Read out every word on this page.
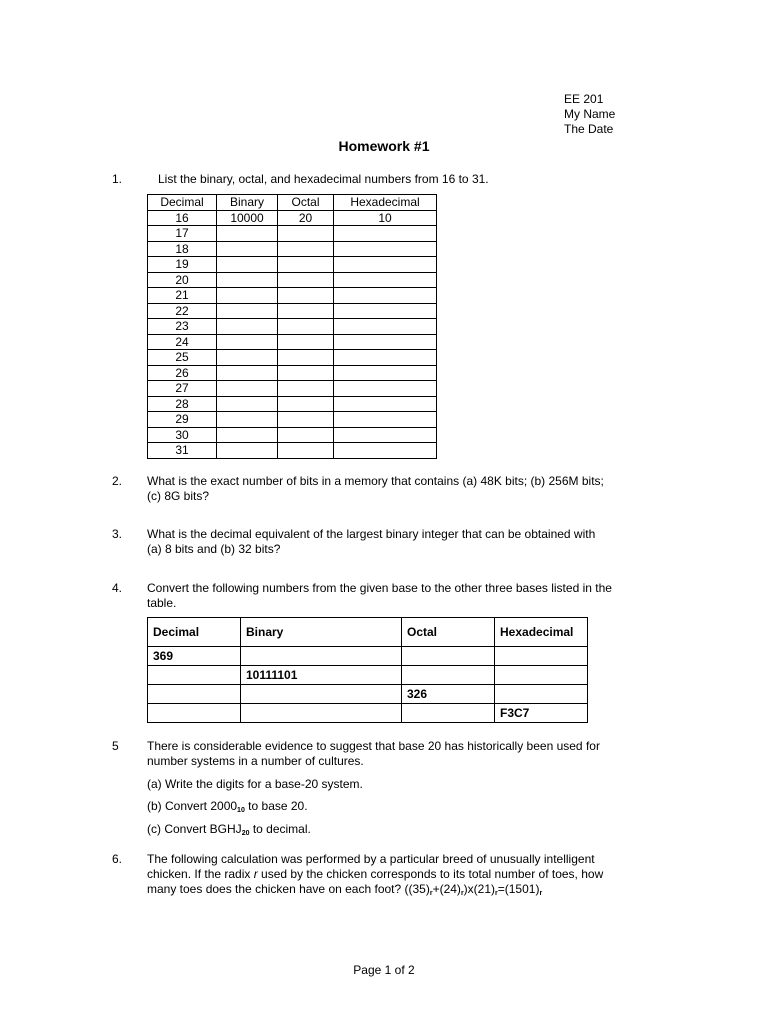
EE 201
My Name
The Date
Homework #1
1.	List the binary, octal, and hexadecimal numbers from 16 to 31.
Decimal	Binary	Octal	Hexadecimal
16	10000	20	10
17			
18			
19			
20			
21			
22			
23			
24			
25			
26			
27			
28			
29			
30			
31			
2. What is the exact number of bits in a memory that contains (a) 48K bits; (b) 256M bits;
(c) 8G bits?
3. What is the decimal equivalent of the largest binary integer that can be obtained with
(a) 8 bits and (b) 32 bits?
4. Convert the following numbers from the given base to the other three bases listed in the
table.
Decimal	Binary	Octal	Hexadecimal
369			
	10111101		
		326	
			F3C7
5 There is considerable evidence to suggest that base 20 has historically been used for
number systems in a number of cultures.
(a) Write the digits for a base-20 system.
(b) Convert $2000_{10}$ to base 20.
(c) Convert $BGHJ_{20}$ to decimal.
6. The following calculation was performed by a particular breed of unusually intelligent
chicken. If the radix r used by the chicken corresponds to its total number of toes, how
many toes does the chicken have on each foot? $((35)_r+(24)_r)x(21)_r=(1501)_r$
Page 1 of 2
